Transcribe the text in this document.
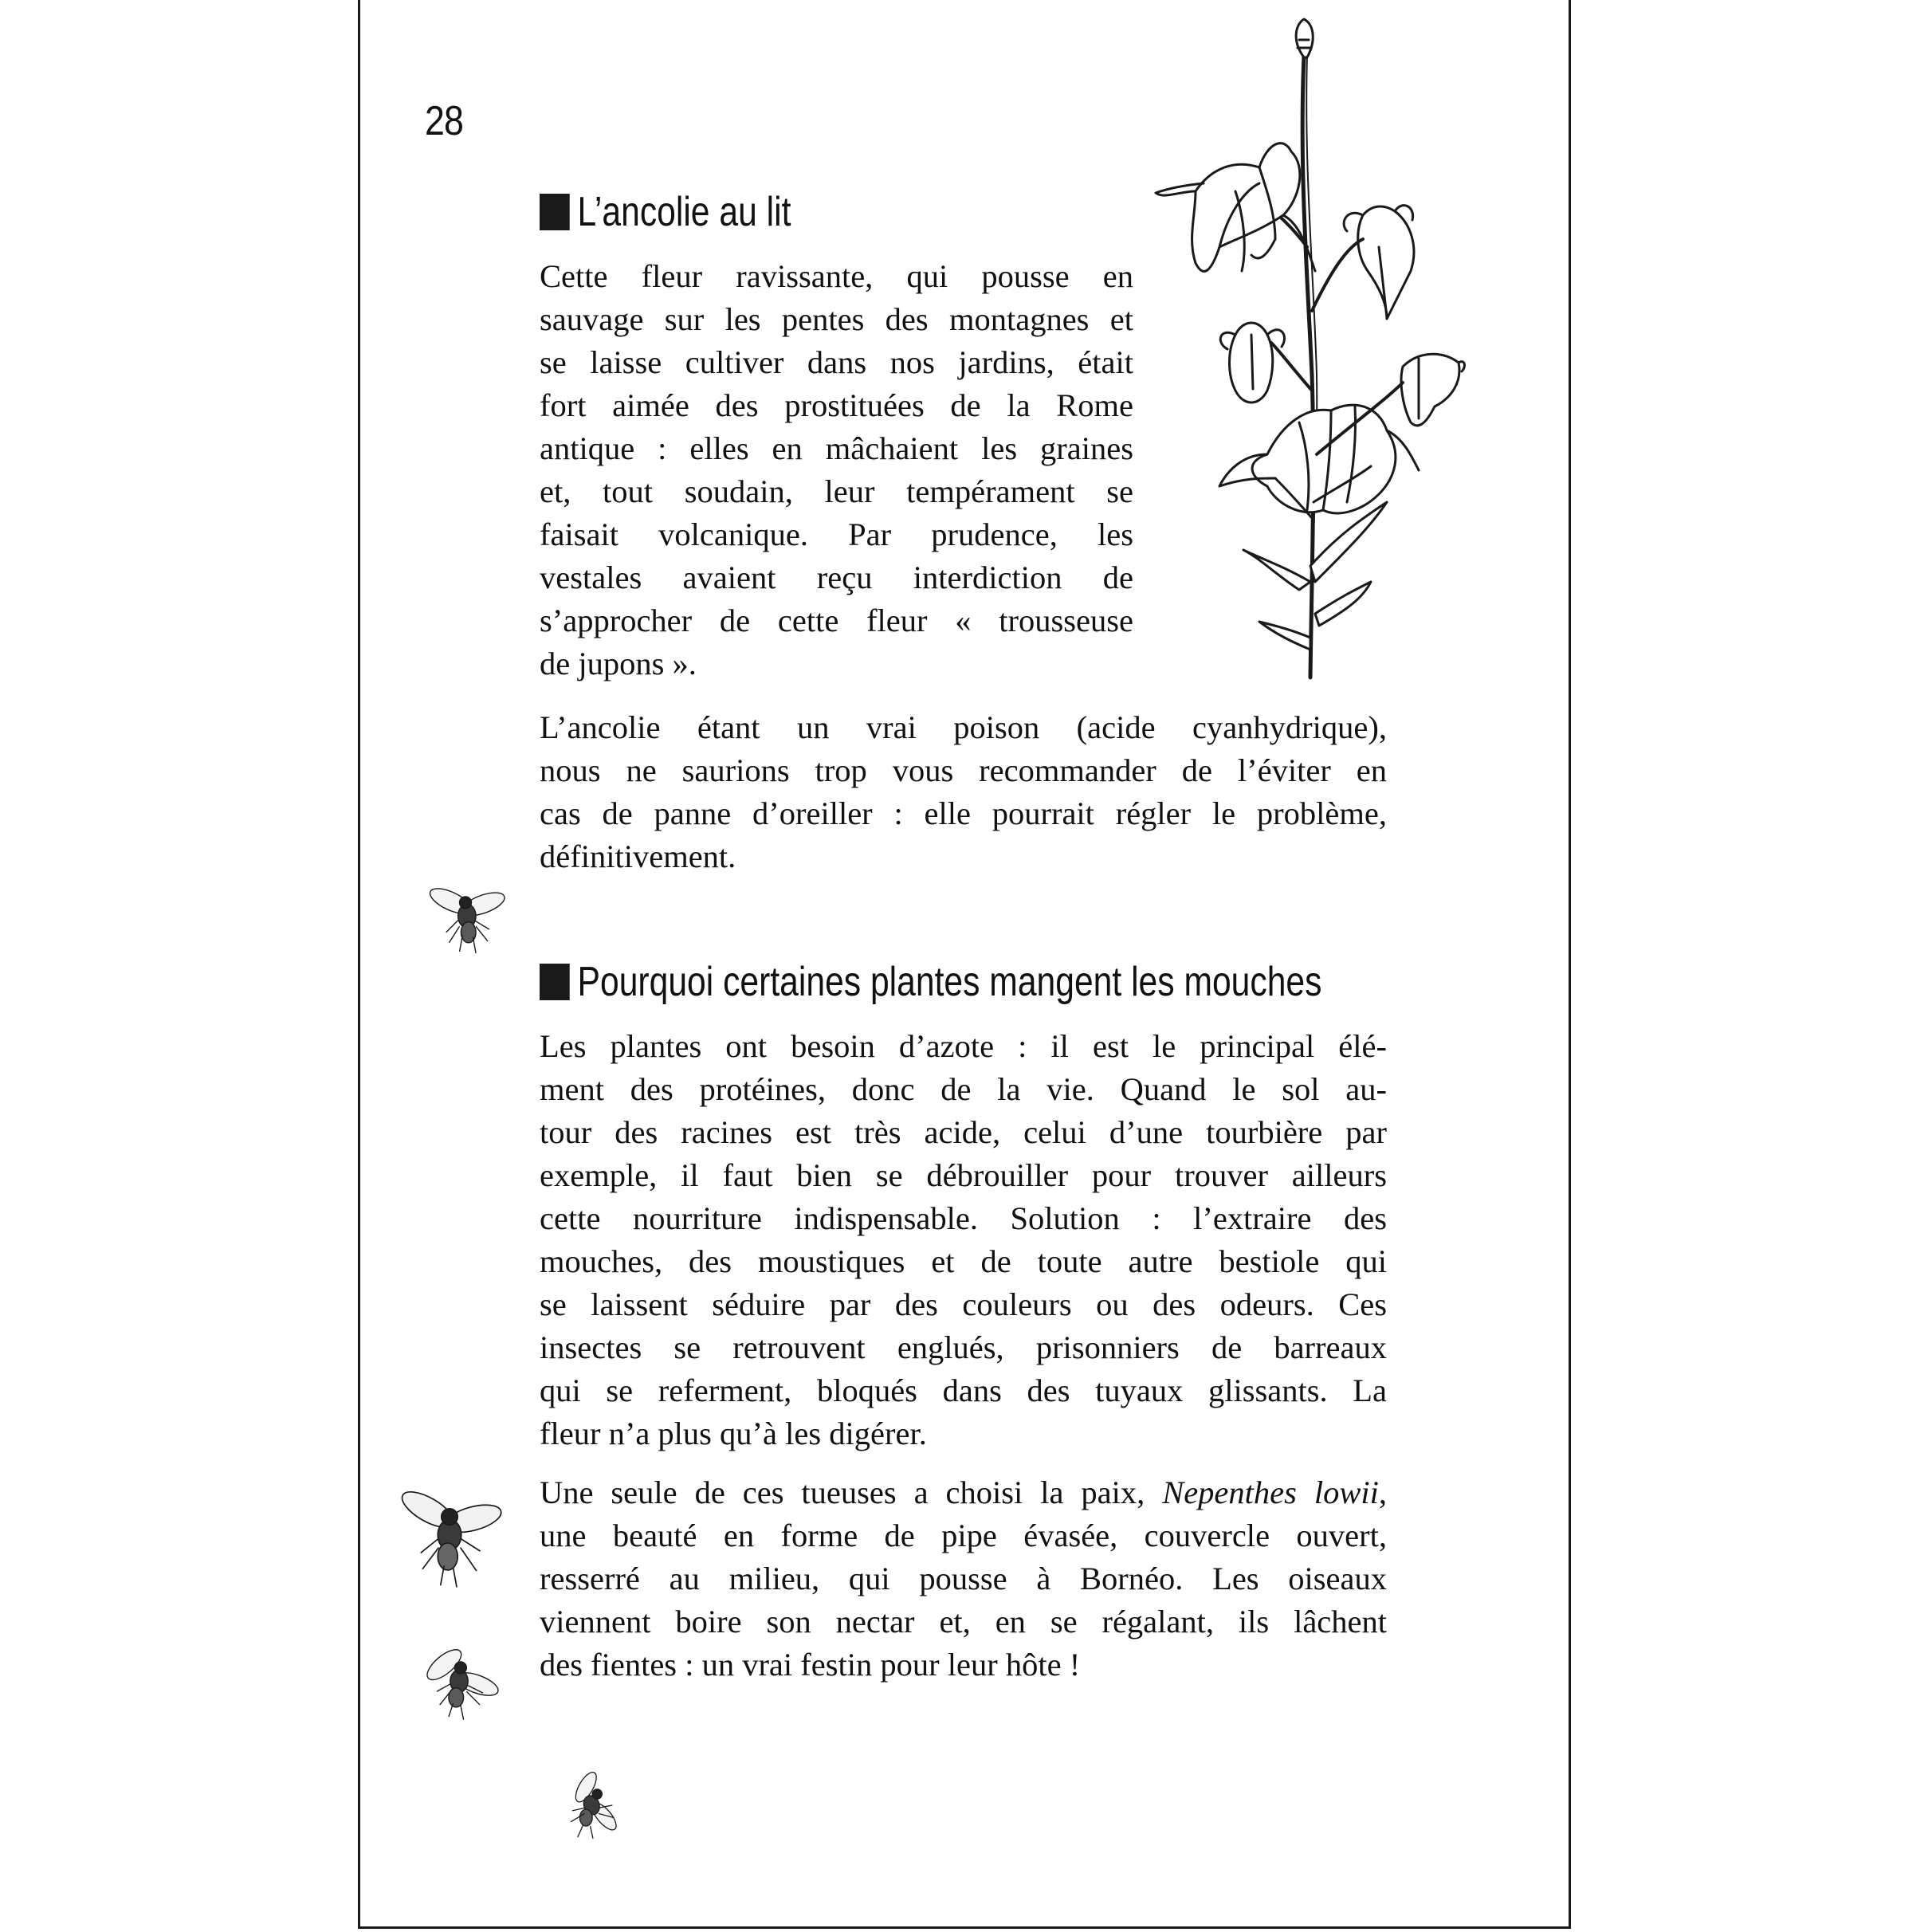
28
L’ancolie au lit

Cette fleur ravissante, qui pousse en
sauvage sur les pentes des montagnes et
se laisse cultiver dans nos jardins, était
fort aimée des prostituées de la Rome
antique : elles en mâchaient les graines
et, tout soudain, leur tempérament se
faisait volcanique. Par prudence, les
vestales avaient reçu interdiction de
s’approcher de cette fleur « trousseuse
de jupons ».

L’ancolie étant un vrai poison (acide cyanhydrique),
nous ne saurions trop vous recommander de l’éviter en
cas de panne d’oreiller : elle pourrait régler le problème,
définitivement.

Pourquoi certaines plantes mangent les mouches

Les plantes ont besoin d’azote : il est le principal élé-
ment des protéines, donc de la vie. Quand le sol au-
tour des racines est très acide, celui d’une tourbière par
exemple, il faut bien se débrouiller pour trouver ailleurs
cette nourriture indispensable. Solution : l’extraire des
mouches, des moustiques et de toute autre bestiole qui
se laissent séduire par des couleurs ou des odeurs. Ces
insectes se retrouvent englués, prisonniers de barreaux
qui se referment, bloqués dans des tuyaux glissants. La
fleur n’a plus qu’à les digérer.

Une seule de ces tueuses a choisi la paix, Nepenthes lowii,
une beauté en forme de pipe évasée, couvercle ouvert,
resserré au milieu, qui pousse à Bornéo. Les oiseaux
viennent boire son nectar et, en se régalant, ils lâchent
des fientes : un vrai festin pour leur hôte !
